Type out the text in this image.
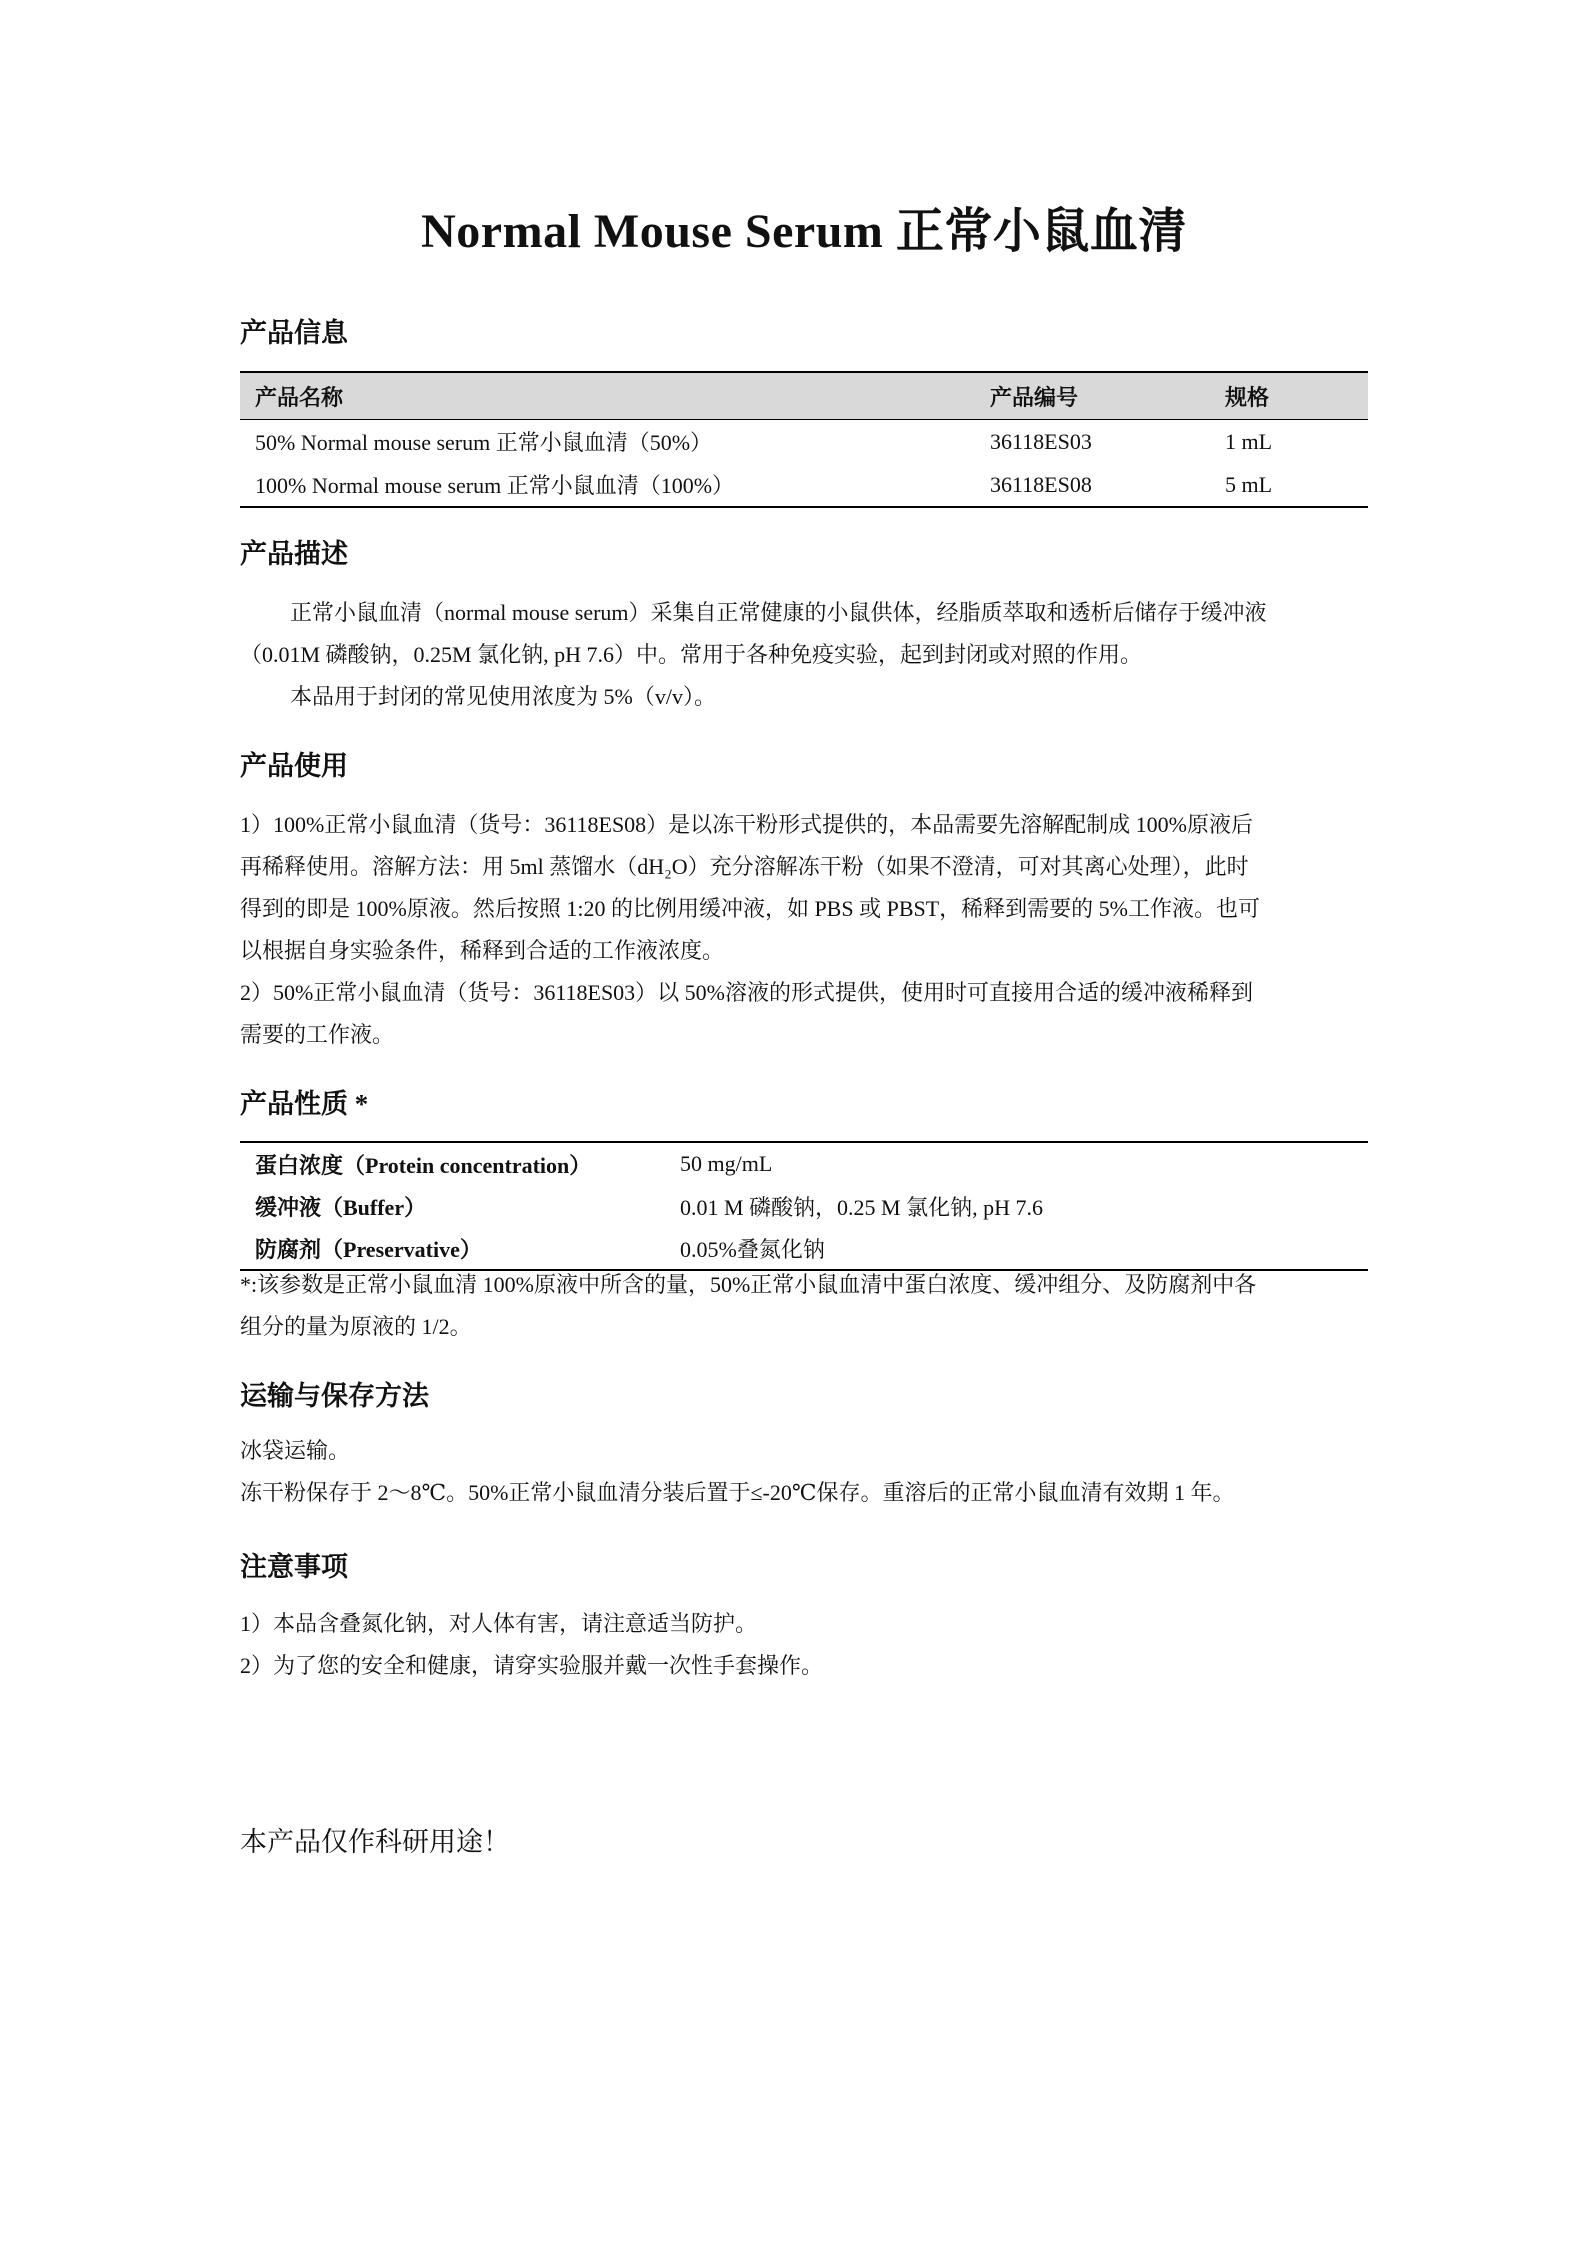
Normal Mouse Serum 正常小鼠血清
产品信息
产品名称	产品编号	规格
50% Normal mouse serum 正常小鼠血清（50%）	36118ES03	1 mL
100% Normal mouse serum 正常小鼠血清（100%）	36118ES08	5 mL
产品描述
正常小鼠血清（normal mouse serum）采集自正常健康的小鼠供体，经脂质萃取和透析后储存于缓冲液
（0.01M 磷酸钠，0.25M 氯化钠, pH 7.6）中。常用于各种免疫实验，起到封闭或对照的作用。
本品用于封闭的常见使用浓度为 5%（v/v）。
产品使用
1）100%正常小鼠血清（货号：36118ES08）是以冻干粉形式提供的，本品需要先溶解配制成 100%原液后
再稀释使用。溶解方法：用 5ml 蒸馏水（dH₂O）充分溶解冻干粉（如果不澄清，可对其离心处理），此时
得到的即是 100%原液。然后按照 1:20 的比例用缓冲液，如 PBS 或 PBST，稀释到需要的 5%工作液。也可
以根据自身实验条件，稀释到合适的工作液浓度。
2）50%正常小鼠血清（货号：36118ES03）以 50%溶液的形式提供，使用时可直接用合适的缓冲液稀释到
需要的工作液。
产品性质 *
蛋白浓度（Protein concentration）	50 mg/mL
缓冲液（Buffer）	0.01 M 磷酸钠，0.25 M 氯化钠, pH 7.6
防腐剂（Preservative）	0.05%叠氮化钠
*:该参数是正常小鼠血清 100%原液中所含的量，50%正常小鼠血清中蛋白浓度、缓冲组分、及防腐剂中各
组分的量为原液的 1/2。
运输与保存方法
冰袋运输。
冻干粉保存于 2～8℃。50%正常小鼠血清分装后置于≤-20℃保存。重溶后的正常小鼠血清有效期 1 年。
注意事项
1）本品含叠氮化钠，对人体有害，请注意适当防护。
2）为了您的安全和健康，请穿实验服并戴一次性手套操作。
本产品仅作科研用途！
